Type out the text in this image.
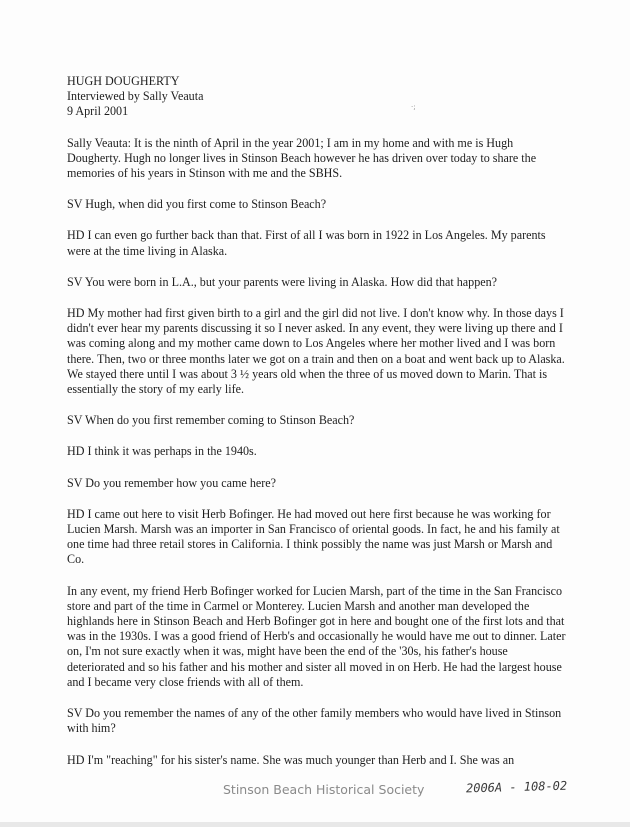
HUGH DOUGHERTY
Interviewed by Sally Veauta
9 April 2001

Sally Veauta: It is the ninth of April in the year 2001; I am in my home and with me is Hugh Dougherty. Hugh no longer lives in Stinson Beach however he has driven over today to share the memories of his years in Stinson with me and the SBHS.

SV Hugh, when did you first come to Stinson Beach?

HD I can even go further back than that. First of all I was born in 1922 in Los Angeles. My parents were at the time living in Alaska.

SV You were born in L.A., but your parents were living in Alaska. How did that happen?

HD My mother had first given birth to a girl and the girl did not live. I don't know why. In those days I didn't ever hear my parents discussing it so I never asked. In any event, they were living up there and I was coming along and my mother came down to Los Angeles where her mother lived and I was born there. Then, two or three months later we got on a train and then on a boat and went back up to Alaska. We stayed there until I was about 3 ½ years old when the three of us moved down to Marin. That is essentially the story of my early life.

SV When do you first remember coming to Stinson Beach?

HD I think it was perhaps in the 1940s.

SV Do you remember how you came here?

HD I came out here to visit Herb Bofinger. He had moved out here first because he was working for Lucien Marsh. Marsh was an importer in San Francisco of oriental goods. In fact, he and his family at one time had three retail stores in California. I think possibly the name was just Marsh or Marsh and Co.

In any event, my friend Herb Bofinger worked for Lucien Marsh, part of the time in the San Francisco store and part of the time in Carmel or Monterey. Lucien Marsh and another man developed the highlands here in Stinson Beach and Herb Bofinger got in here and bought one of the first lots and that was in the 1930s. I was a good friend of Herb's and occasionally he would have me out to dinner. Later on, I'm not sure exactly when it was, might have been the end of the '30s, his father's house deteriorated and so his father and his mother and sister all moved in on Herb. He had the largest house and I became very close friends with all of them.

SV Do you remember the names of any of the other family members who would have lived in Stinson with him?

HD I'm "reaching" for his sister's name. She was much younger than Herb and I. She was an

·;
Stinson Beach Historical Society	2006A - 108-02
